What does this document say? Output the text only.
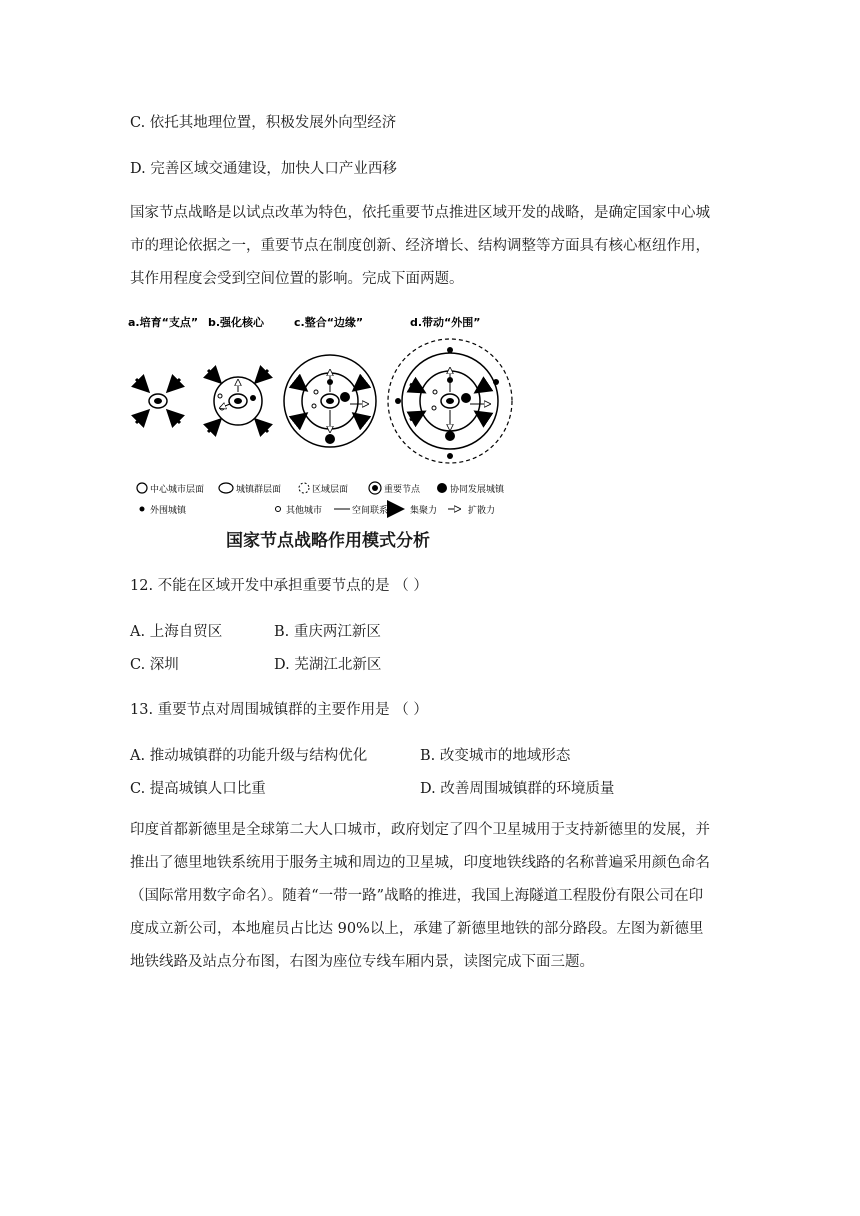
C. 依托其地理位置，积极发展外向型经济
D. 完善区域交通建设，加快人口产业西移

国家节点战略是以试点改革为特色，依托重要节点推进区域开发的战略，是确定国家中心城

市的理论依据之一，重要节点在制度创新、经济增长、结构调整等方面具有核心枢纽作用，

其作用程度会受到空间位置的影响。完成下面两题。

a.培育“支点” b.强化核心	c.整合“边缘”	d.带动“外围”
中心城市层面	城镇群层面	区域层面	重要节点	协同发展城镇
外围城镇	其他城市	空间联系 集聚力	扩散力
国家节点战略作用模式分析
12. 不能在区域开发中承担重要节点的是 （ ）
A. 上海自贸区	B. 重庆两江新区
C. 深圳	D. 芜湖江北新区
13. 重要节点对周围城镇群的主要作用是 （ ）
A. 推动城镇群的功能升级与结构优化	B. 改变城市的地域形态
C. 提高城镇人口比重	D. 改善周围城镇群的环境质量

印度首都新德里是全球第二大人口城市，政府划定了四个卫星城用于支持新德里的发展，并

推出了德里地铁系统用于服务主城和周边的卫星城，印度地铁线路的名称普遍采用颜色命名

（国际常用数字命名）。随着“一带一路”战略的推进，我国上海隧道工程股份有限公司在印

度成立新公司，本地雇员占比达 90%以上，承建了新德里地铁的部分路段。左图为新德里

地铁线路及站点分布图，右图为座位专线车厢内景，读图完成下面三题。
